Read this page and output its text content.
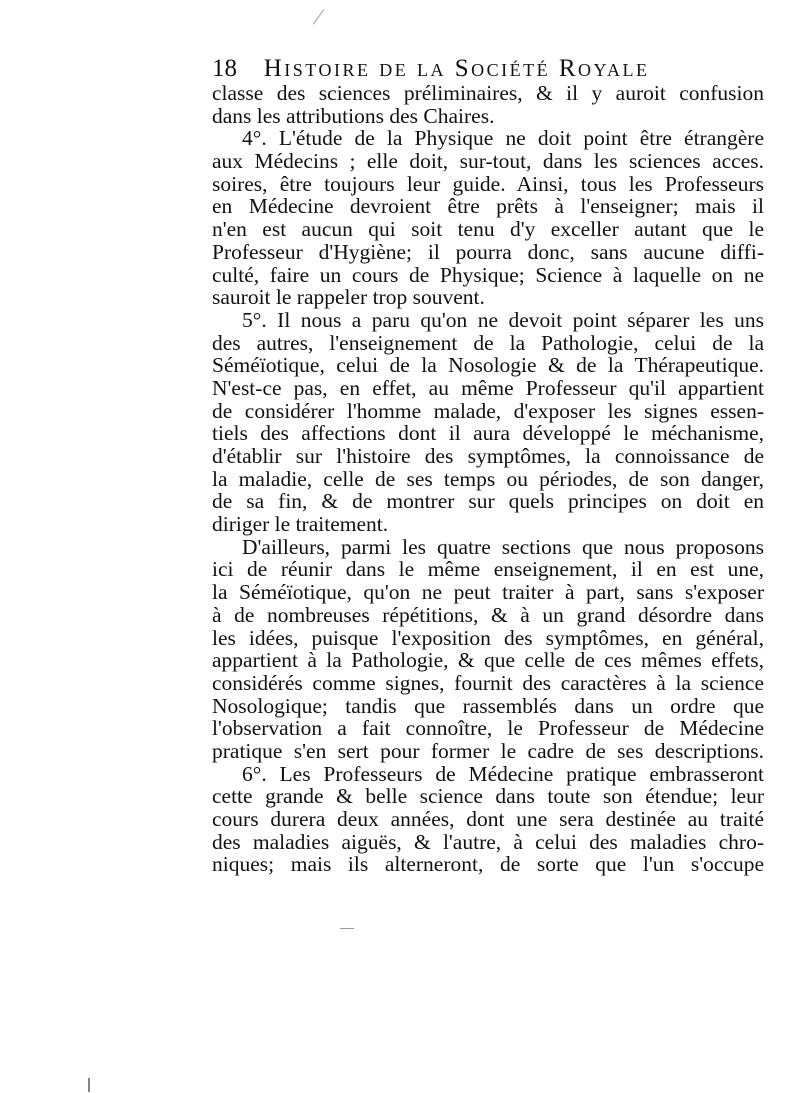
18 Histoire de la Société Royale
classe des sciences préliminaires, & il y auroit confusion
dans les attributions des Chaires.
4°. L'étude de la Physique ne doit point être étrangère
aux Médecins ; elle doit, sur-tout, dans les sciences acces.
soires, être toujours leur guide. Ainsi, tous les Professeurs
en Médecine devroient être prêts à l'enseigner; mais il
n'en est aucun qui soit tenu d'y exceller autant que le
Professeur d'Hygiène; il pourra donc, sans aucune diffi-
culté, faire un cours de Physique; Science à laquelle on ne
sauroit le rappeler trop souvent.
5°. Il nous a paru qu'on ne devoit point séparer les uns
des autres, l'enseignement de la Pathologie, celui de la
Séméïotique, celui de la Nosologie & de la Thérapeutique.
N'est-ce pas, en effet, au même Professeur qu'il appartient
de considérer l'homme malade, d'exposer les signes essen-
tiels des affections dont il aura développé le méchanisme,
d'établir sur l'histoire des symptômes, la connoissance de
la maladie, celle de ses temps ou périodes, de son danger,
de sa fin, & de montrer sur quels principes on doit en
diriger le traitement.
D'ailleurs, parmi les quatre sections que nous proposons
ici de réunir dans le même enseignement, il en est une,
la Séméïotique, qu'on ne peut traiter à part, sans s'exposer
à de nombreuses répétitions, & à un grand désordre dans
les idées, puisque l'exposition des symptômes, en général,
appartient à la Pathologie, & que celle de ces mêmes effets,
considérés comme signes, fournit des caractères à la science
Nosologique; tandis que rassemblés dans un ordre que
l'observation a fait connoître, le Professeur de Médecine
pratique s'en sert pour former le cadre de ses descriptions.
6°. Les Professeurs de Médecine pratique embrasseront
cette grande & belle science dans toute son étendue; leur
cours durera deux années, dont une sera destinée au traité
des maladies aiguës, & l'autre, à celui des maladies chro-
niques; mais ils alterneront, de sorte que l'un s'occupe
